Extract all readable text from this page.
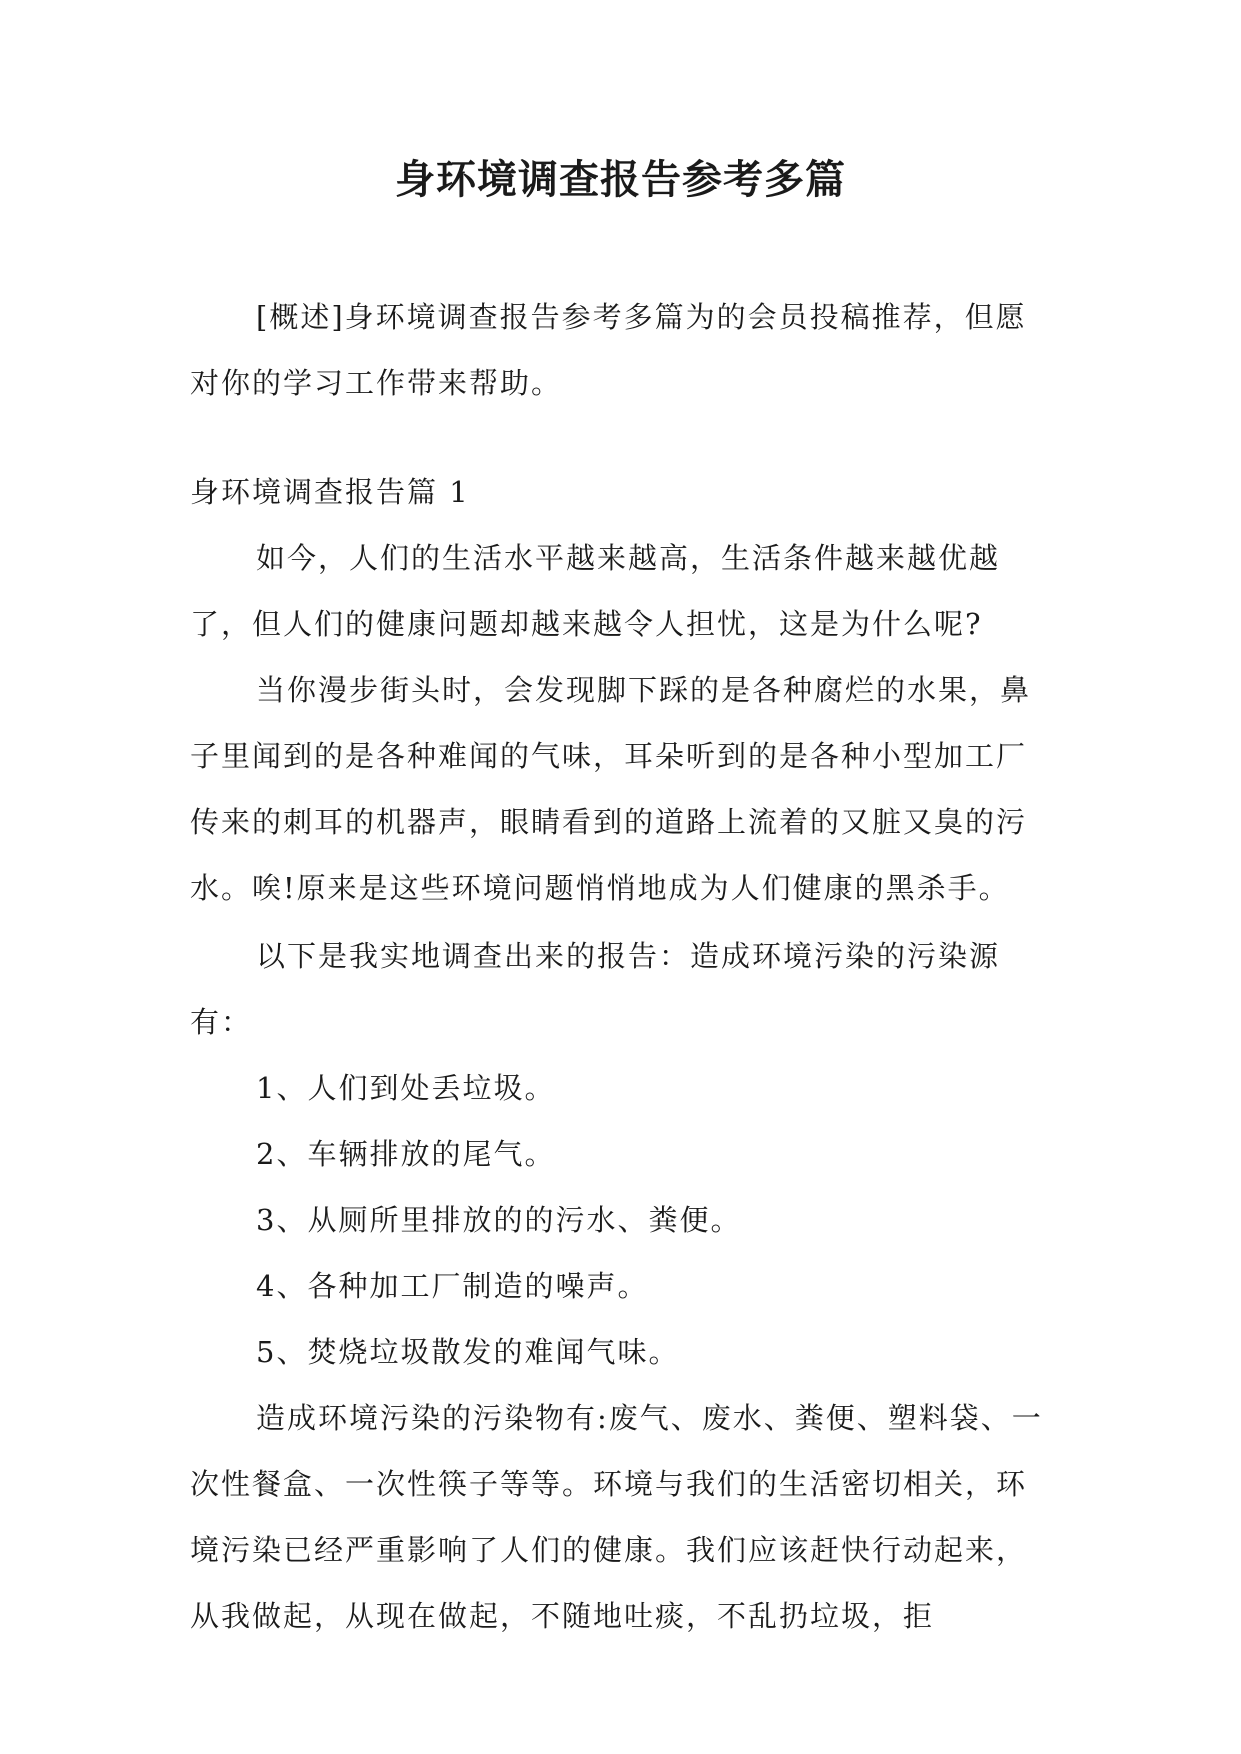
身环境调查报告参考多篇

[概述]身环境调查报告参考多篇为的会员投稿推荐，但愿对你的学习工作带来帮助。

身环境调查报告篇 1

如今，人们的生活水平越来越高，生活条件越来越优越了，但人们的健康问题却越来越令人担忧，这是为什么呢?

当你漫步街头时，会发现脚下踩的是各种腐烂的水果，鼻子里闻到的是各种难闻的气味，耳朵听到的是各种小型加工厂传来的刺耳的机器声，眼睛看到的道路上流着的又脏又臭的污水。唉!原来是这些环境问题悄悄地成为人们健康的黑杀手。

以下是我实地调查出来的报告：造成环境污染的污染源有：

1、人们到处丢垃圾。

2、车辆排放的尾气。

3、从厕所里排放的的污水、粪便。

4、各种加工厂制造的噪声。

5、焚烧垃圾散发的难闻气味。

造成环境污染的污染物有:废气、废水、粪便、塑料袋、一次性餐盒、一次性筷子等等。环境与我们的生活密切相关，环境污染已经严重影响了人们的健康。我们应该赶快行动起来，从我做起，从现在做起，不随地吐痰，不乱扔垃圾，拒
